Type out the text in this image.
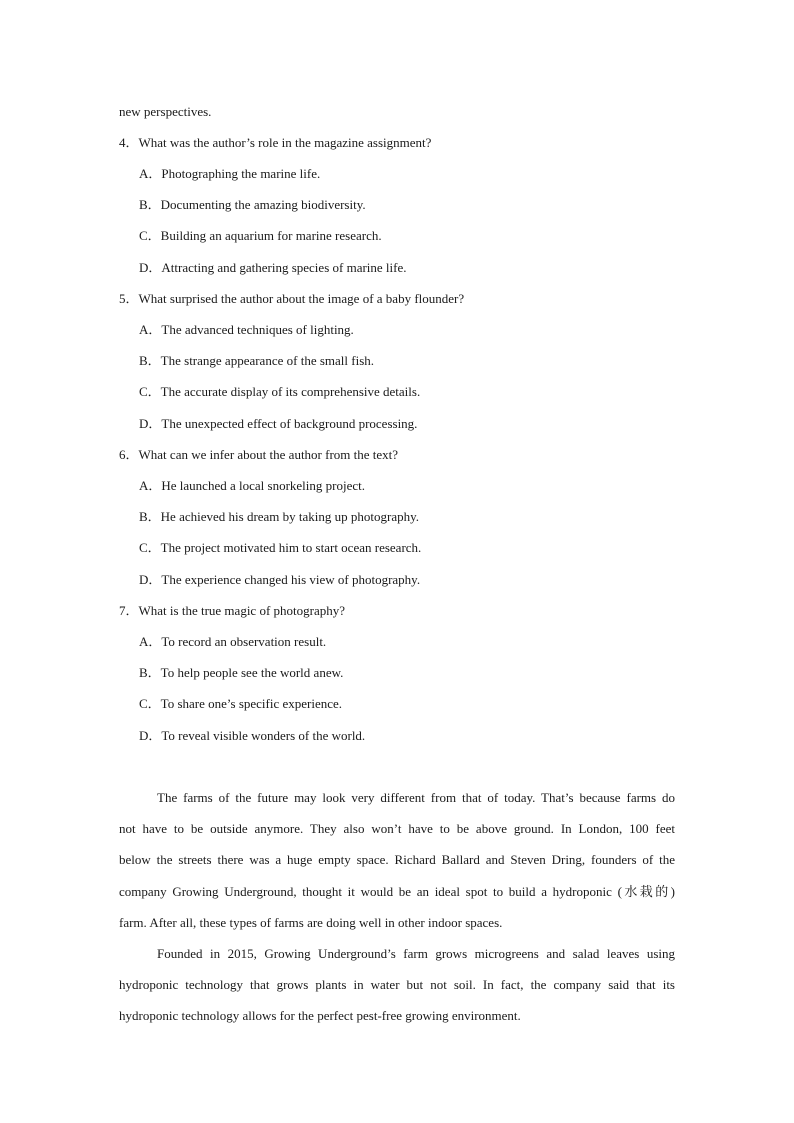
new perspectives.
4．What was the author’s role in the magazine assignment?
A．Photographing the marine life.
B．Documenting the amazing biodiversity.
C．Building an aquarium for marine research.
D．Attracting and gathering species of marine life.
5．What surprised the author about the image of a baby flounder?
A．The advanced techniques of lighting.
B．The strange appearance of the small fish.
C．The accurate display of its comprehensive details.
D．The unexpected effect of background processing.
6．What can we infer about the author from the text?
A．He launched a local snorkeling project.
B．He achieved his dream by taking up photography.
C．The project motivated him to start ocean research.
D．The experience changed his view of photography.
7．What is the true magic of photography?
A．To record an observation result.
B．To help people see the world anew.
C．To share one’s specific experience.
D．To reveal visible wonders of the world.
The farms of the future may look very different from that of today. That’s because farms do
not have to be outside anymore. They also won’t have to be above ground. In London, 100 feet
below the streets there was a huge empty space. Richard Ballard and Steven Dring, founders of the
company Growing Underground, thought it would be an ideal spot to build a hydroponic (水栽的)
farm. After all, these types of farms are doing well in other indoor spaces.
Founded in 2015, Growing Underground’s farm grows microgreens and salad leaves using
hydroponic technology that grows plants in water but not soil. In fact, the company said that its
hydroponic technology allows for the perfect pest-free growing environment.
